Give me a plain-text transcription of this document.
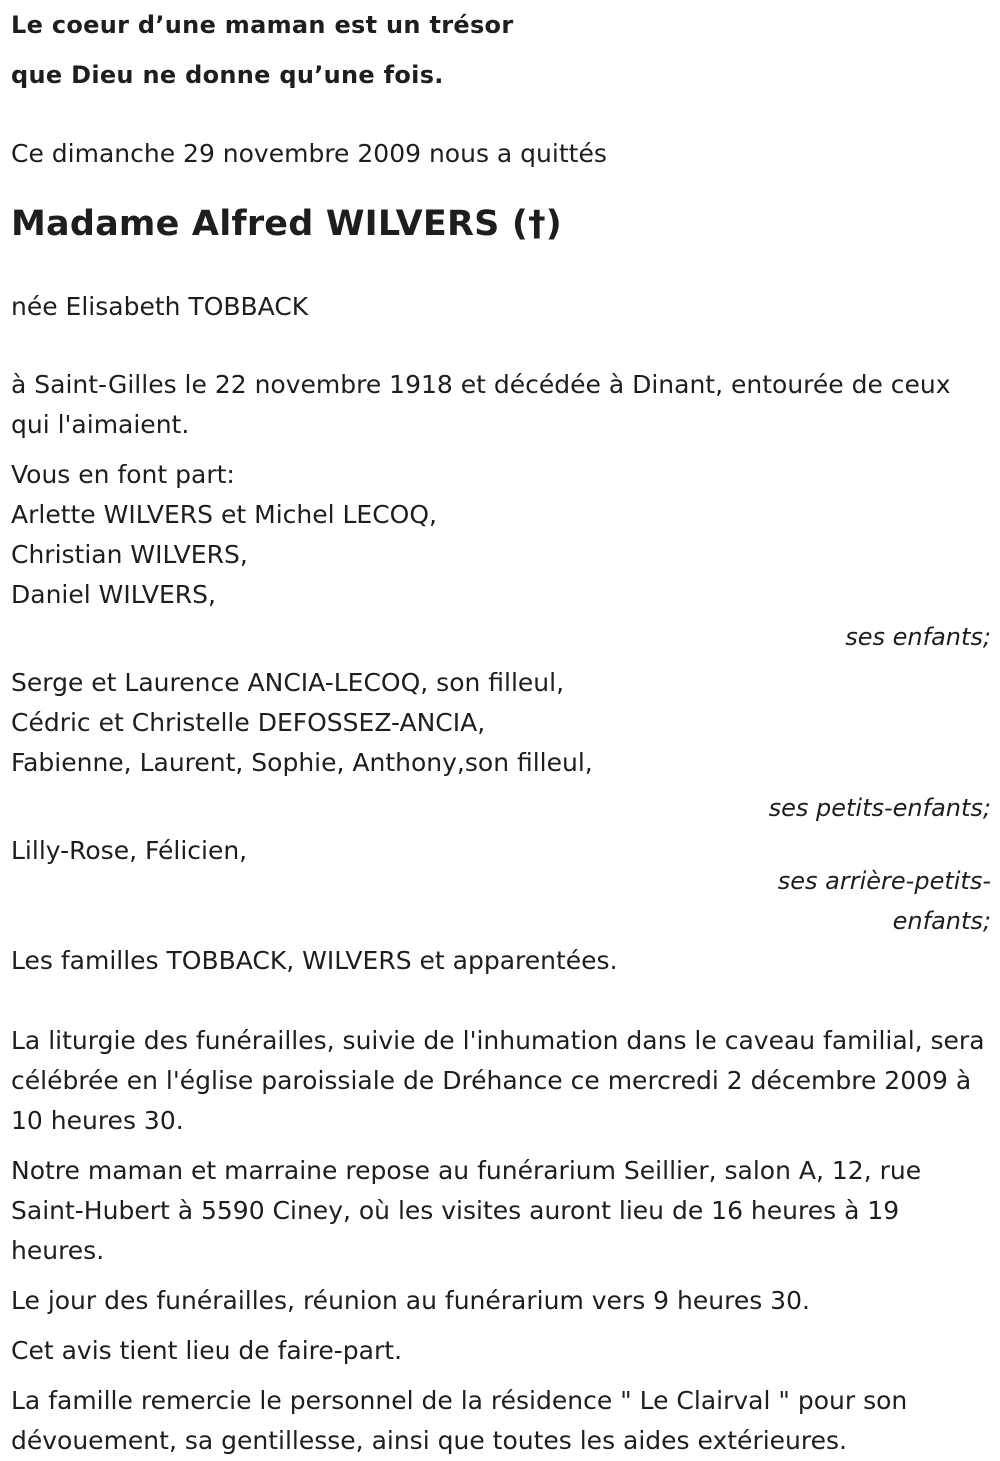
Le coeur d’une maman est un trésor
que Dieu ne donne qu’une fois.

Ce dimanche 29 novembre 2009 nous a quittés

Madame Alfred WILVERS (†)

née Elisabeth TOBBACK

à Saint-Gilles le 22 novembre 1918 et décédée à Dinant, entourée de ceux qui l'aimaient.

Vous en font part:

Arlette WILVERS et Michel LECOQ,

Christian WILVERS,

Daniel WILVERS,

ses enfants;

Serge et Laurence ANCIA-LECOQ, son filleul,

Cédric et Christelle DEFOSSEZ-ANCIA,

Fabienne, Laurent, Sophie, Anthony,son filleul,

ses petits-enfants;

Lilly-Rose, Félicien,

ses arrière-petits-enfants;

Les familles TOBBACK, WILVERS et apparentées.

La liturgie des funérailles, suivie de l'inhumation dans le caveau familial, sera célébrée en l'église paroissiale de Dréhance ce mercredi 2 décembre 2009 à 10 heures 30.

Notre maman et marraine repose au funérarium Seillier, salon A, 12, rue Saint-Hubert à 5590 Ciney, où les visites auront lieu de 16 heures à 19 heures.

Le jour des funérailles, réunion au funérarium vers 9 heures 30.

Cet avis tient lieu de faire-part.

La famille remercie le personnel de la résidence " Le Clairval " pour son dévouement, sa gentillesse, ainsi que toutes les aides extérieures.
